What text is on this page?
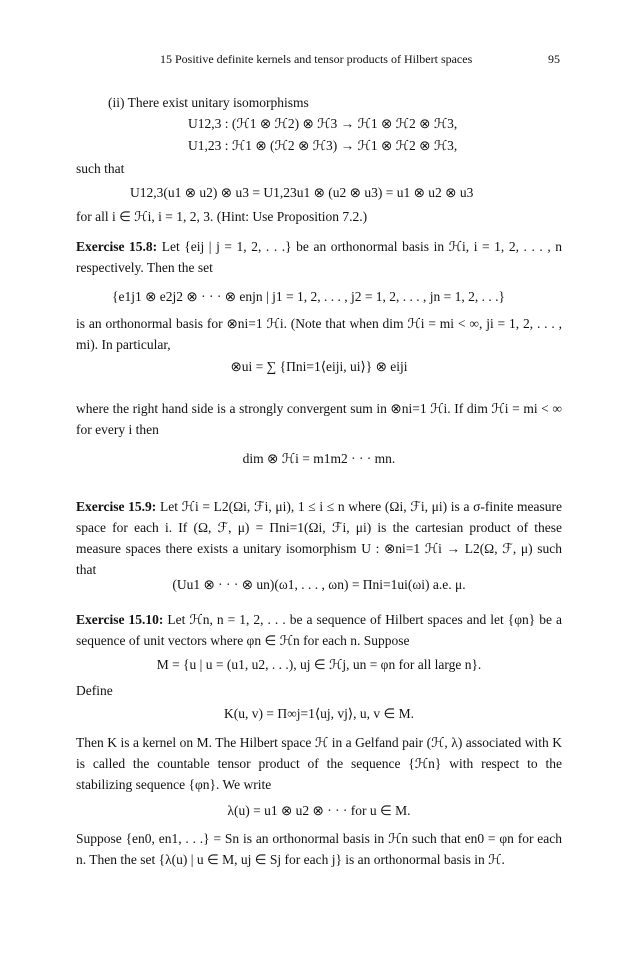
15 Positive definite kernels and tensor products of Hilbert spaces	95
(ii) There exist unitary isomorphisms
U12,3 : (ℋ1 ⊗ ℋ2) ⊗ ℋ3 → ℋ1 ⊗ ℋ2 ⊗ ℋ3,
U1,23 : ℋ1 ⊗ (ℋ2 ⊗ ℋ3) → ℋ1 ⊗ ℋ2 ⊗ ℋ3,
such that
U12,3(u1 ⊗ u2) ⊗ u3 = U1,23u1 ⊗ (u2 ⊗ u3) = u1 ⊗ u2 ⊗ u3
for all i ∈ ℋi, i = 1, 2, 3. (Hint: Use Proposition 7.2.)
Exercise 15.8: Let {eij | j = 1, 2, . . .} be an orthonormal basis in ℋi, i = 1, 2, . . . , n respectively. Then the set
{e1j1 ⊗ e2j2 ⊗ · · · ⊗ enjn | j1 = 1, 2, . . . , j2 = 1, 2, . . . , jn = 1, 2, . . .}
is an orthonormal basis for ⊗ni=1 ℋi. (Note that when dim ℋi = mi < ∞, ji = 1, 2, . . . , mi). In particular,
⊗ui = ∑ {Πni=1⟨eiji, ui⟩} ⊗ eiji
where the right hand side is a strongly convergent sum in ⊗ni=1 ℋi. If dim ℋi = mi < ∞ for every i then
dim ⊗ ℋi = m1m2 · · · mn.
Exercise 15.9: Let ℋi = L2(Ωi, ℱi, μi), 1 ≤ i ≤ n where (Ωi, ℱi, μi) is a σ-finite measure space for each i. If (Ω, ℱ, μ) = Πni=1(Ωi, ℱi, μi) is the cartesian product of these measure spaces there exists a unitary isomorphism U : ⊗ni=1 ℋi → L2(Ω, ℱ, μ) such that
(Uu1 ⊗ · · · ⊗ un)(ω1, . . . , ωn) = Πni=1ui(ωi) a.e. μ.
Exercise 15.10: Let ℋn, n = 1, 2, . . . be a sequence of Hilbert spaces and let {φn} be a sequence of unit vectors where φn ∈ ℋn for each n. Suppose
M = {u | u = (u1, u2, . . .), uj ∈ ℋj, un = φn for all large n}.
Define
K(u, v) = Π∞j=1⟨uj, vj⟩, u, v ∈ M.
Then K is a kernel on M. The Hilbert space ℋ in a Gelfand pair (ℋ, λ) associated with K is called the countable tensor product of the sequence {ℋn} with respect to the stabilizing sequence {φn}. We write
λ(u) = u1 ⊗ u2 ⊗ · · · for u ∈ M.
Suppose {en0, en1, . . .} = Sn is an orthonormal basis in ℋn such that en0 = φn for each n. Then the set {λ(u) | u ∈ M, uj ∈ Sj for each j} is an orthonormal basis in ℋ.
